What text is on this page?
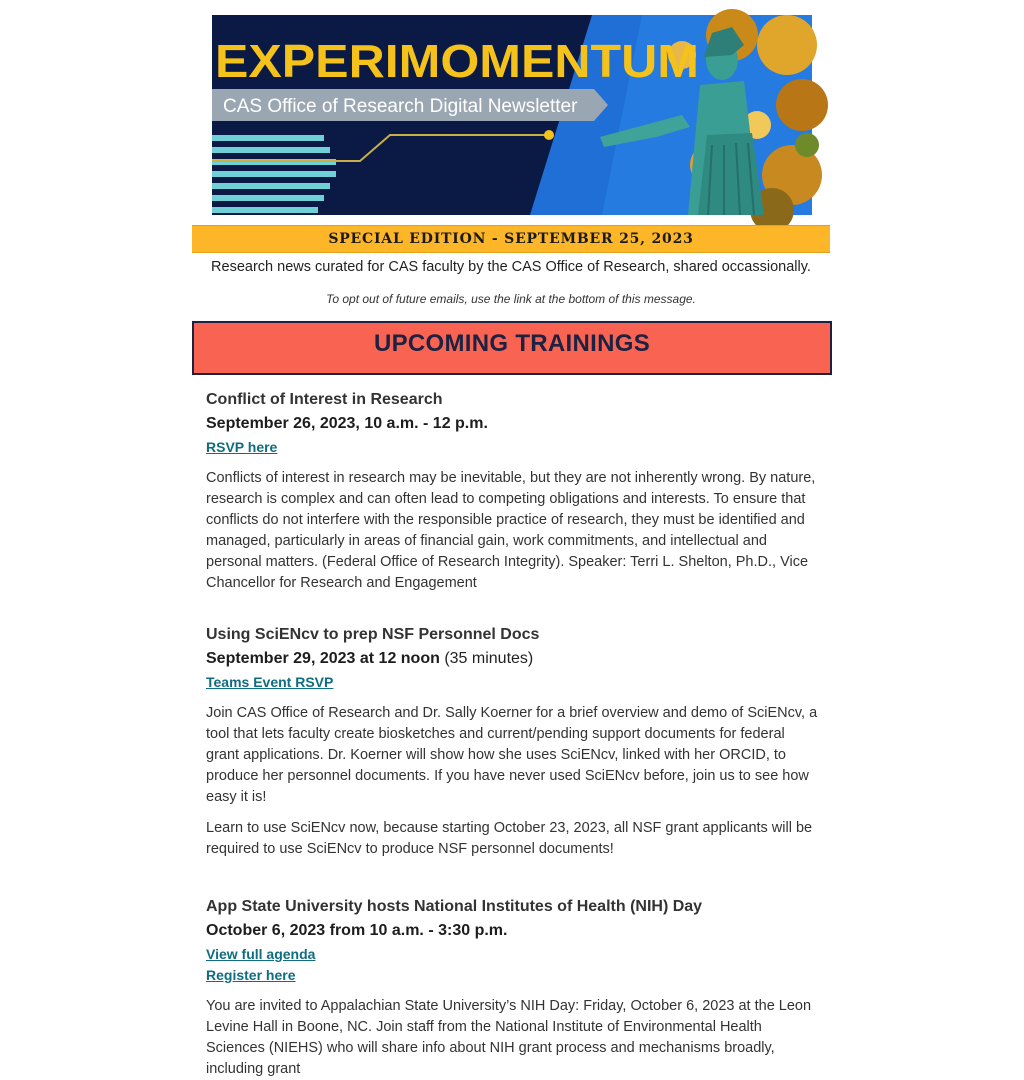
CAS Office of Research Digital Newsletter
EXPERIMOMENTUM
SPECIAL EDITION - SEPTEMBER 25, 2023
Research news curated for CAS faculty by the CAS Office of Research, shared occassionally.
To opt out of future emails, use the link at the bottom of this message.
UPCOMING TRAININGS

Conflict of Interest in Research

September 26, 2023, 10 a.m. - 12 p.m.

RSVP here

Conflicts of interest in research may be inevitable, but they are not inherently wrong. By nature, research is complex and can often lead to competing obligations and interests. To ensure that conflicts do not interfere with the responsible practice of research, they must be identified and managed, particularly in areas of financial gain, work commitments, and intellectual and personal matters. (Federal Office of Research Integrity). Speaker: Terri L. Shelton, Ph.D., Vice Chancellor for Research and Engagement

Using SciENcv to prep NSF Personnel Docs

September 29, 2023 at 12 noon (35 minutes)

Teams Event RSVP

Join CAS Office of Research and Dr. Sally Koerner for a brief overview and demo of SciENcv, a tool that lets faculty create biosketches and current/pending support documents for federal grant applications. Dr. Koerner will show how she uses SciENcv, linked with her ORCID, to produce her personnel documents. If you have never used SciENcv before, join us to see how easy it is!

Learn to use SciENcv now, because starting October 23, 2023, all NSF grant applicants will be required to use SciENcv to produce NSF personnel documents!

App State University hosts National Institutes of Health (NIH) Day

October 6, 2023 from 10 a.m. - 3:30 p.m.

View full agenda
Register here

You are invited to Appalachian State University’s NIH Day: Friday, October 6, 2023 at the Leon Levine Hall in Boone, NC. Join staff from the National Institute of Environmental Health Sciences (NIEHS) who will share info about NIH grant process and mechanisms broadly, including grant
